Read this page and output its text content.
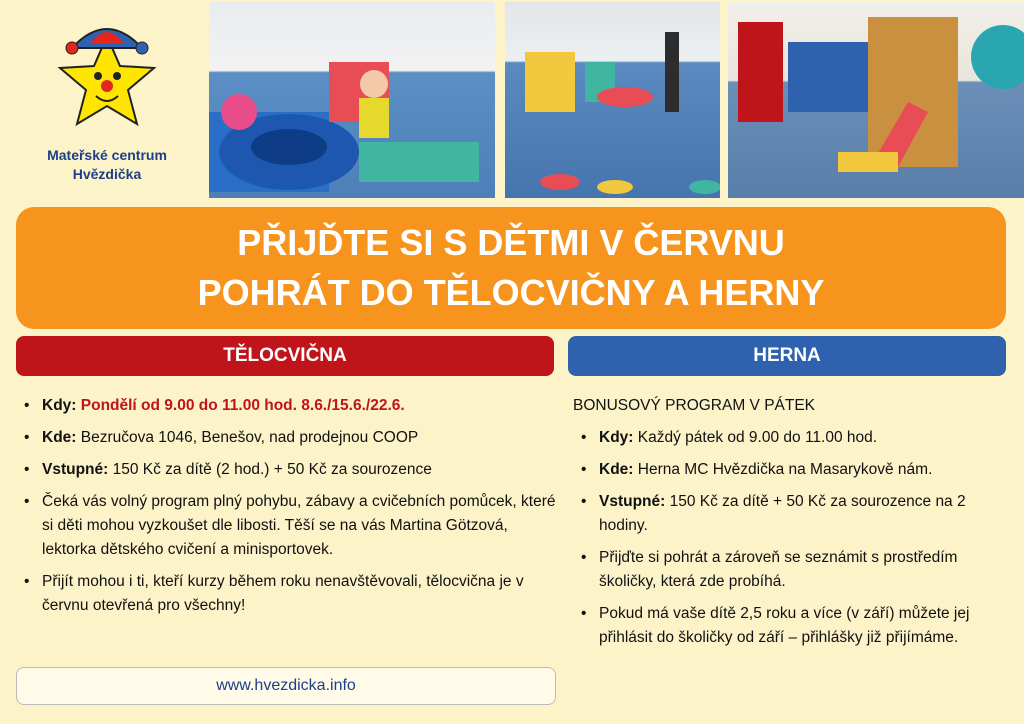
Mateřské centrum
Hvězdička
PŘIJĎTE SI S DĚTMI V ČERVNU
POHRÁT DO TĚLOCVIČNY A HERNY
TĚLOCVIČNA	HERNA
• Kdy: Pondělí od 9.00 do 11.00 hod. 8.6./15.6./22.6.
• Kde: Bezručova 1046, Benešov, nad prodejnou COOP
• Vstupné: 150 Kč za dítě (2 hod.) + 50 Kč za sourozence
• Čeká vás volný program plný pohybu, zábavy a cvičebních pomůcek, které si děti mohou vyzkoušet dle libosti. Těší se na vás Martina Götzová, lektorka dětského cvičení a minisportovek.
• Přijít mohou i ti, kteří kurzy během roku nenavštěvovali, tělocvična je v červnu otevřená pro všechny!
www.hvezdicka.info
BONUSOVÝ PROGRAM V PÁTEK
• Kdy: Každý pátek od 9.00 do 11.00 hod.
• Kde: Herna MC Hvězdička na Masarykově nám.
• Vstupné: 150 Kč za dítě + 50 Kč za sourozence na 2 hodiny.
• Přijďte si pohrát a zároveň se seznámit s prostředím školičky, která zde probíhá.
• Pokud má vaše dítě 2,5 roku a více (v září) můžete jej přihlásit do školičky od září – přihlášky již přijímáme.
